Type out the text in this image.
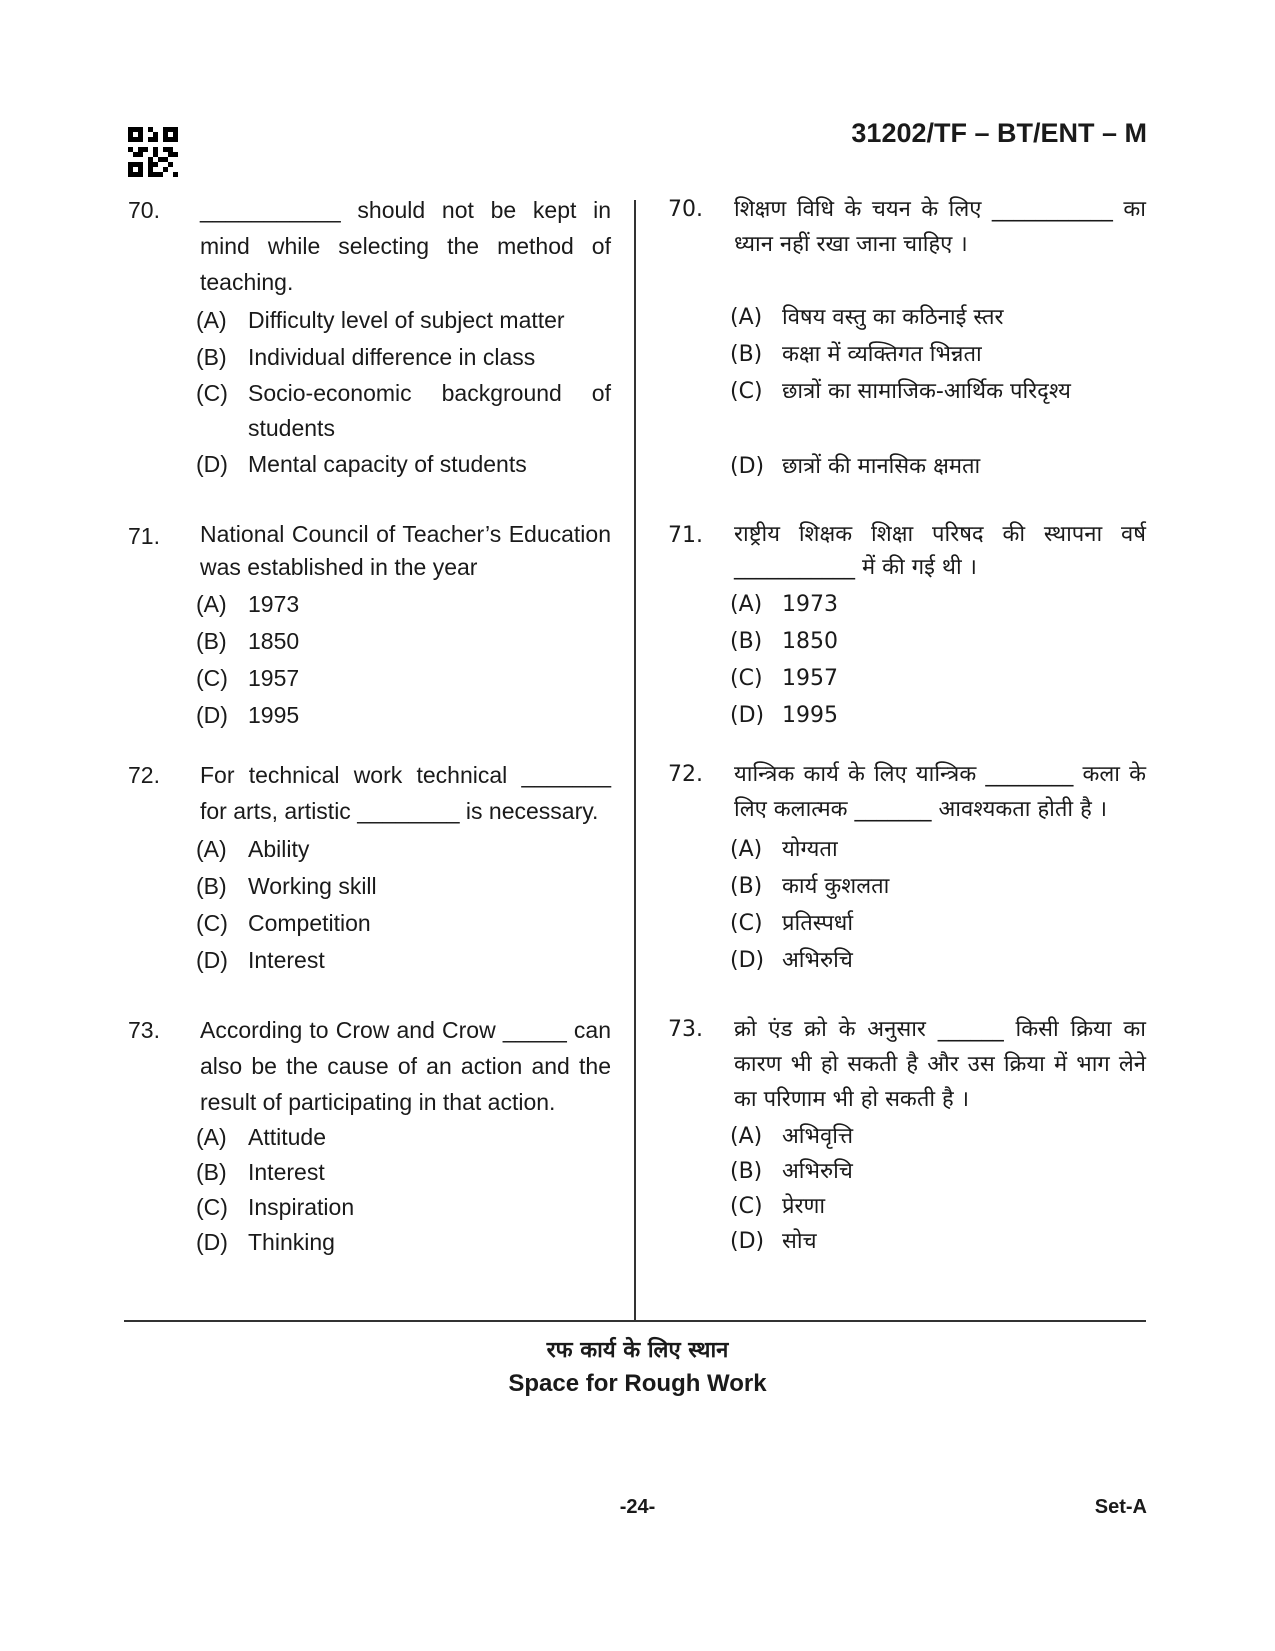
31202/TF – BT/ENT – M
70. ___________ should not be kept in mind while selecting the method of teaching.
(A) Difficulty level of subject matter
(B) Individual difference in class
(C) Socio-economic background of students
(D) Mental capacity of students
71. National Council of Teacher’s Education was established in the year
(A) 1973
(B) 1850
(C) 1957
(D) 1995
72. For technical work technical _______ for arts, artistic ________ is necessary.
(A) Ability
(B) Working skill
(C) Competition
(D) Interest
73. According to Crow and Crow _____ can also be the cause of an action and the result of participating in that action.
(A) Attitude
(B) Interest
(C) Inspiration
(D) Thinking
70. शिक्षण विधि के चयन के लिए ___________ का ध्यान नहीं रखा जाना चाहिए ।
(A) विषय वस्तु का कठिनाई स्तर
(B) कक्षा में व्यक्तिगत भिन्नता
(C) छात्रों का सामाजिक-आर्थिक परिदृश्य
(D) छात्रों की मानसिक क्षमता
71. राष्ट्रीय शिक्षक शिक्षा परिषद की स्थापना वर्ष ___________ में की गई थी ।
(A) 1973
(B) 1850
(C) 1957
(D) 1995
72. यान्त्रिक कार्य के लिए यान्त्रिक ________ कला के लिए कलात्मक _______ आवश्यकता होती है ।
(A) योग्यता
(B) कार्य कुशलता
(C) प्रतिस्पर्धा
(D) अभिरुचि
73. क्रो एंड क्रो के अनुसार ______ किसी क्रिया का कारण भी हो सकती है और उस क्रिया में भाग लेने का परिणाम भी हो सकती है ।
(A) अभिवृत्ति
(B) अभिरुचि
(C) प्रेरणा
(D) सोच
रफ कार्य के लिए स्थान
Space for Rough Work
-24-	Set-A
